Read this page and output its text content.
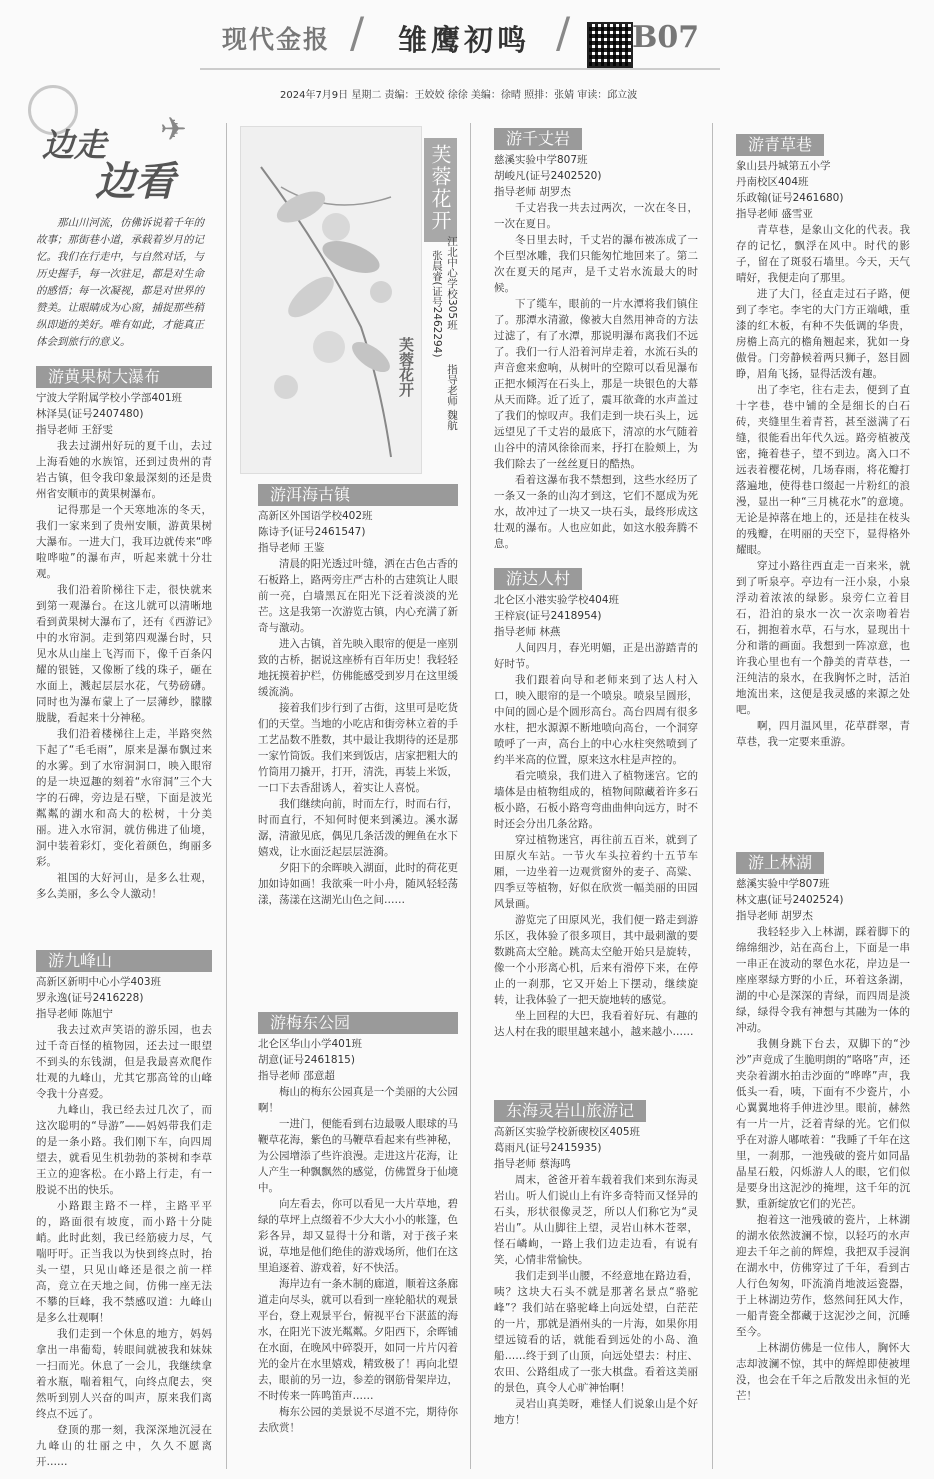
现代金报 / 雏鹰初鸣 / B07
2024年7月9日 星期二 责编：王姣姣 徐徐 美编：徐晴 照排：张婧 审读：邱立波
边走
边看
✈

那山川河流，仿佛诉说着千年的故事；那街巷小道，承载着岁月的记忆。我们在行走中，与自然对话，与历史握手，每一次驻足，都是对生命的感悟；每一次凝视，都是对世界的赞美。让眼睛成为心窗，捕捉那些稍纵即逝的美好。唯有如此，才能真正体会到旅行的意义。

游黄果树大瀑布
宁波大学附属学校小学部401班
林泽昊(证号2407480)
指导老师 王舒雯

我去过湖州好玩的夏千山，去过上海看她的水族馆，还到过贵州的青岩古镇，但令我印象最深刻的还是贵州省安顺市的黄果树瀑布。

记得那是一个天寒地冻的冬天，我们一家来到了贵州安顺，游黄果树大瀑布。一进大门，我耳边就传来“哗啦哗啦”的瀑布声，听起来就十分壮观。

我们沿着阶梯往下走，很快就来到第一观瀑台。在这儿就可以清晰地看到黄果树大瀑布了，还有《西游记》中的水帘洞。走到第四观瀑台时，只见水从山崖上飞泻而下，像千百条闪耀的银链，又像断了线的珠子，砸在水面上，溅起层层水花，气势磅礴。同时也为瀑布蒙上了一层薄纱，朦朦胧胧，看起来十分神秘。

我们沿着楼梯往上走，半路突然下起了“毛毛雨”，原来是瀑布飘过来的水雾。到了水帘洞洞口，映入眼帘的是一块逗趣的刻着“水帘洞”三个大字的石碑，旁边是石壁，下面是波光粼粼的湖水和高大的松树，十分美丽。进入水帘洞，就仿佛进了仙境，洞中装着彩灯，变化着颜色，绚丽多彩。

祖国的大好河山，是多么壮观，多么美丽，多么令人激动！

游九峰山
高新区新明中心小学403班
罗永逸(证号2416228)
指导老师 陈旭宁

我去过欢声笑语的游乐园，也去过千奇百怪的植物园，还去过一眼望不到头的东钱湖，但是我最喜欢爬作壮观的九峰山，尤其它那高耸的山峰令我十分喜爱。

九峰山，我已经去过几次了，而这次聪明的“导游”——妈妈带我们走的是一条小路。我们刚下车，向四周望去，就看见生机勃勃的茶树和李草王立的迎客松。在小路上行走，有一股说不出的快乐。

小路跟主路不一样，主路平平的，路面很有坡度，而小路十分陡峭。此时此刻，我已经筋疲力尽，气喘吁吁。正当我以为快到终点时，抬头一望，只见山峰还是很之前一样高，竟立在天地之间，仿佛一座无法不攀的巨峰，我不禁感叹道：九峰山是多么壮观啊！

我们走到一个休息的地方，妈妈拿出一串葡萄，转眼间就被我和妹妹一扫而光。休息了一会儿，我继续拿着水瓶，喘着粗气，向终点爬去，突然听到别人兴奋的叫声，原来我们离终点不远了。

登顶的那一刻，我深深地沉浸在九峰山的壮丽之中，久久不愿离开……

芙蓉花开
芙蓉花开
江北中心学校305班
张晨睿(证号2462294)
指导老师 魏航
游洱海古镇
高新区外国语学校402班
陈诗予(证号2461547)
指导老师 王鉴

清晨的阳光透过叶缝，洒在古色古香的石板路上，路两旁庄严古朴的古建筑让人眼前一亮，白墙黑瓦在阳光下泛着淡淡的光芒。这是我第一次游览古镇，内心充满了新奇与激动。

进入古镇，首先映入眼帘的便是一座别致的古桥，据说这座桥有百年历史！我轻轻地抚摸着护栏，仿佛能感受到岁月在这里缓缓流淌。

接着我们步行到了古街，这里可是吃货们的天堂。当地的小吃店和街旁林立着的手工艺品数不胜数，其中最让我期待的还是那一家竹筒饭。我们来到饭店，店家把粗大的竹筒用刀撬开，打开，清洗，再装上米饭，一口下去香甜诱人，着实让人喜悦。

我们继续向前，时而左行，时而右行，时而直行，不知何时便来到溪边。溪水潺潺，清澈见底，偶见几条活泼的鲤鱼在水下嬉戏，让水面泛起层层涟漪。

夕阳下的余晖映入湖面，此时的荷花更加如诗如画！我欲乘一叶小舟，随风轻轻荡漾，荡漾在这湖光山色之间……

游梅东公园
北仑区华山小学401班
胡意(证号2461815)
指导老师 邵意超

梅山的梅东公园真是一个美丽的大公园啊！

一进门，便能看到右边最吸人眼球的马鞭草花海，紫色的马鞭草看起来有些神秘，为公园增添了些许浪漫。走进这片花海，让人产生一种飘飘然的感觉，仿佛置身于仙境中。

向左看去，你可以看见一大片草地，碧绿的草坪上点缀着不少大大小小的帐篷，色彩各异，却又显得十分和谐，对于孩子来说，草地是他们绝佳的游戏场所，他们在这里追逐着、游戏着，好不快活。

海岸边有一条木制的廊道，顺着这条廊道走向尽头，就可以看到一座轮船状的观景平台，登上观景平台，俯视平台下湛蓝的海水，在阳光下波光粼粼。夕阳西下，余晖铺在水面，在晚风中碎裂开，如同一片片闪着光的金片在水里嬉戏，精致极了！再向北望去，眼前的另一边，参差的钢筋骨架岸边，不时传来一阵鸣笛声……

梅东公园的美景说不尽道不完，期待你去欣赏！

游千丈岩
慈溪实验中学807班
胡峻凡(证号2402520)
指导老师 胡罗杰

千丈岩我一共去过两次，一次在冬日，一次在夏日。

冬日里去时，千丈岩的瀑布被冻成了一个巨型冰雕，我们只能匆忙地回来了。第二次在夏天的尾声，是千丈岩水流最大的时候。

下了缆车，眼前的一片水潭将我们镇住了。那潭水清澈，像被大自然用神奇的方法过滤了，有了水潭，那说明瀑布离我们不远了。我们一行人沿着河岸走着，水流石头的声音愈来愈响，从树叶的空隙可以看见瀑布正把水倾泻在石头上，那是一块银色的大幕从天而降。近了近了，震耳欲聋的水声盖过了我们的惊叹声。我们走到一块石头上，远远望见了千丈岩的最底下，清凉的水气随着山谷中的清风徐徐而来，抒打在脸颊上，为我们除去了一丝丝夏日的酷热。

看着这瀑布我不禁想到，这些水经历了一条又一条的山沟才到这，它们不愿成为死水，故冲过了一块又一块石头，最终形成这壮观的瀑布。人也应如此，如这水般奔腾不息。

游达人村
北仑区小港实验学校404班
王梓宸(证号2418954)
指导老师 林燕

人间四月，春光明媚，正是出游踏青的好时节。

我们跟着向导和老师来到了达人村入口，映入眼帘的是一个喷泉。喷泉呈圆形，中间的圆心是个圆形高台。高台四周有很多水柱，把水源源不断地喷向高台，一个洞穿喷呼了一声，高台上的中心水柱突然喷到了约半米高的位置，原来这水柱是声控的。

看完喷泉，我们进入了植物迷宫。它的墙体是由植物组成的，植物间隙藏着许多石板小路，石板小路弯弯曲曲伸向远方，时不时还会分出几条岔路。

穿过植物迷宫，再往前五百米，就到了田原火车站。一节火车头拉着约十五节车厢，一边坐着一边观赏窗外的麦子、高粱、四季豆等植物，好似在欣赏一幅美丽的田园风景画。

游览完了田原风光，我们便一路走到游乐区，我体验了很多项目，其中最刺激的要数跳高太空舱。跳高太空舱开始只是旋转，像一个小形离心机，后来有滑停下来，在停止的一刹那，它又开始上下摆动，继续旋转，让我体验了一把天旋地转的感觉。

坐上回程的大巴，我看着好玩、有趣的达人村在我的眼里越来越小，越来越小……

东海灵岩山旅游记
高新区实验学校新碶校区405班
葛雨凡(证号2415935)
指导老师 蔡海鸣

周末，爸爸开着车载着我们来到东海灵岩山。听人们说山上有许多奇特而又怪异的石头，形状很像灵芝，所以人们称它为“灵岩山”。从山脚往上望，灵岩山林木苍翠，怪石嶙峋，一路上我们边走边看，有说有笑，心情非常愉快。

我们走到半山腰，不经意地在路边看，咦？这块大石头不就是那著名景点“骆驼峰”？我们站在骆驼峰上向远处望，白茫茫的一片，那就是酒州头的一片海，如果你用望远镜看的话，就能看到远处的小岛、渔船……终于到了山顶，向远处望去：村庄、农田、公路组成了一张大棋盘。看着这美丽的景色，真令人心旷神怡啊！

灵岩山真美呀，难怪人们说象山是个好地方！

游青草巷
象山县丹城第五小学
丹南校区404班
乐政翰(证号2461680)
指导老师 盛雪亚

青草巷，是象山文化的代表。我存的记忆，飘浮在风中。时代的影子，留在了斑驳石墙里。今天，天气晴好，我便走向了那里。

进了大门，径直走过石子路，便到了李宅。李宅的大门方正端峨，重漆的红木板，有种不失低调的华贵，房檐上高亢的檐角翘起来，犹如一身傲骨。门旁静候着两只狮子，怒目圆睁，眉角飞扬，显得活泼有趣。

出了李宅，往右走去，便到了直十字巷，巷中铺的全是细长的白石砖，夹缝里生着青苔，甚至滋满了石缝，很能看出年代久远。路旁植被茂密，掩着巷子，望不到边。离入口不远表着樱花树，几场春雨，将花瓣打落遍地，使得巷口缀起一片粉红的浪漫，显出一种“三月桃花水”的意境。无论是掉落在地上的，还是挂在枝头的残瓣，在明丽的天空下，显得格外耀眼。

穿过小路往西直走一百来米，就到了听泉亭。亭边有一汪小泉，小泉浮动着浓浓的绿影。泉旁仁立着目石，沿泊的泉水一次一次亲吻着岩石，拥抱着水草，石与水，显现出十分和谐的画面。我想到一阵凉意，也许我心里也有一个静美的青草巷，一汪纯洁的泉水，在我胸怀之时，活泊地流出来，这便是我灵感的来源之处吧。

啊，四月温风里，花草群翠，青草巷，我一定要来重游。

游上林湖
慈溪实验中学807班
林文惠(证号2402524)
指导老师 胡罗杰

我轻轻步入上林湖，踩着脚下的绵绵细沙，站在高台上，下面是一串一串正在波动的翠色水花，岸边是一座座翠绿方野的小丘，环着这条湖，湖的中心是深深的青绿，而四周是淡绿，绿得令我有神想与其融为一体的冲动。

我侧身跳下台去，双脚下的“沙沙”声竟成了生脆明朗的“咯咯”声，还夹杂着湖水拍击沙面的“哗哗”声，我低头一看，咦，下面有不少瓷片，小心翼翼地将手伸进沙里。眼前，赫然有一片一片，泛着青绿的光。它们似乎在对游人嘟哝着：“我睡了千年在这里，一刹那，一池残破的瓷片如同晶晶星石般，闪烁游人人的眼，它们似是要身出这泥沙的掩埋，这千年的沉默，重新绽放它们的光芒。

抱着这一池残破的瓷片，上林湖的湖水依然波澜不惊，以轻巧的水声迎去千年之前的辉煌，我把双手浸润在湖水中，仿佛穿过了千年，看到古人行色匆匆，吓流淌肖地波运瓷器，于上林湖边劳作，悠然间狂风大作，一船青瓷全都藏于这泥沙之间，沉睡至今。

上林湖仿佛是一位伟人，胸怀大志却波澜不惊，其中的辉煌即使被埋没，也会在千年之后散发出永恒的光芒！
